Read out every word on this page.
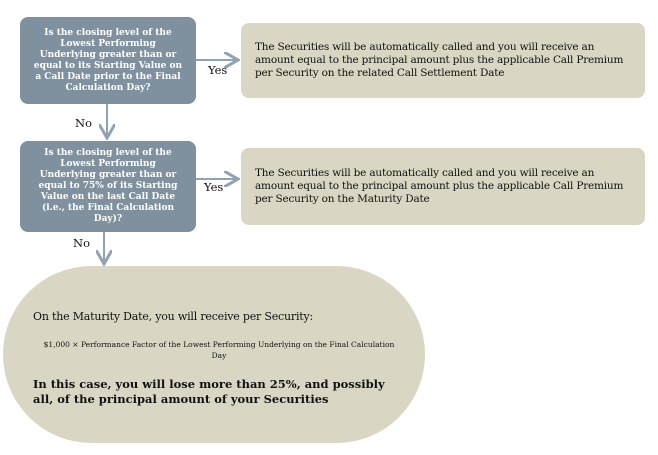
Is the closing level of the Lowest Performing Underlying greater than or equal to its Starting Value on a Call Date prior to the Final Calculation Day?
The Securities will be automatically called and you will receive an amount equal to the principal amount plus the applicable Call Premium per Security on the related Call Settlement Date
Yes
No
Is the closing level of the Lowest Performing Underlying greater than or equal to 75% of its Starting Value on the last Call Date (i.e., the Final Calculation Day)?
The Securities will be automatically called and you will receive an amount equal to the principal amount plus the applicable Call Premium per Security on the Maturity Date
Yes
No
On the Maturity Date, you will receive per Security:
$1,000 × Performance Factor of the Lowest Performing Underlying on the Final Calculation Day
In this case, you will lose more than 25%, and possibly all, of the principal amount of your Securities
